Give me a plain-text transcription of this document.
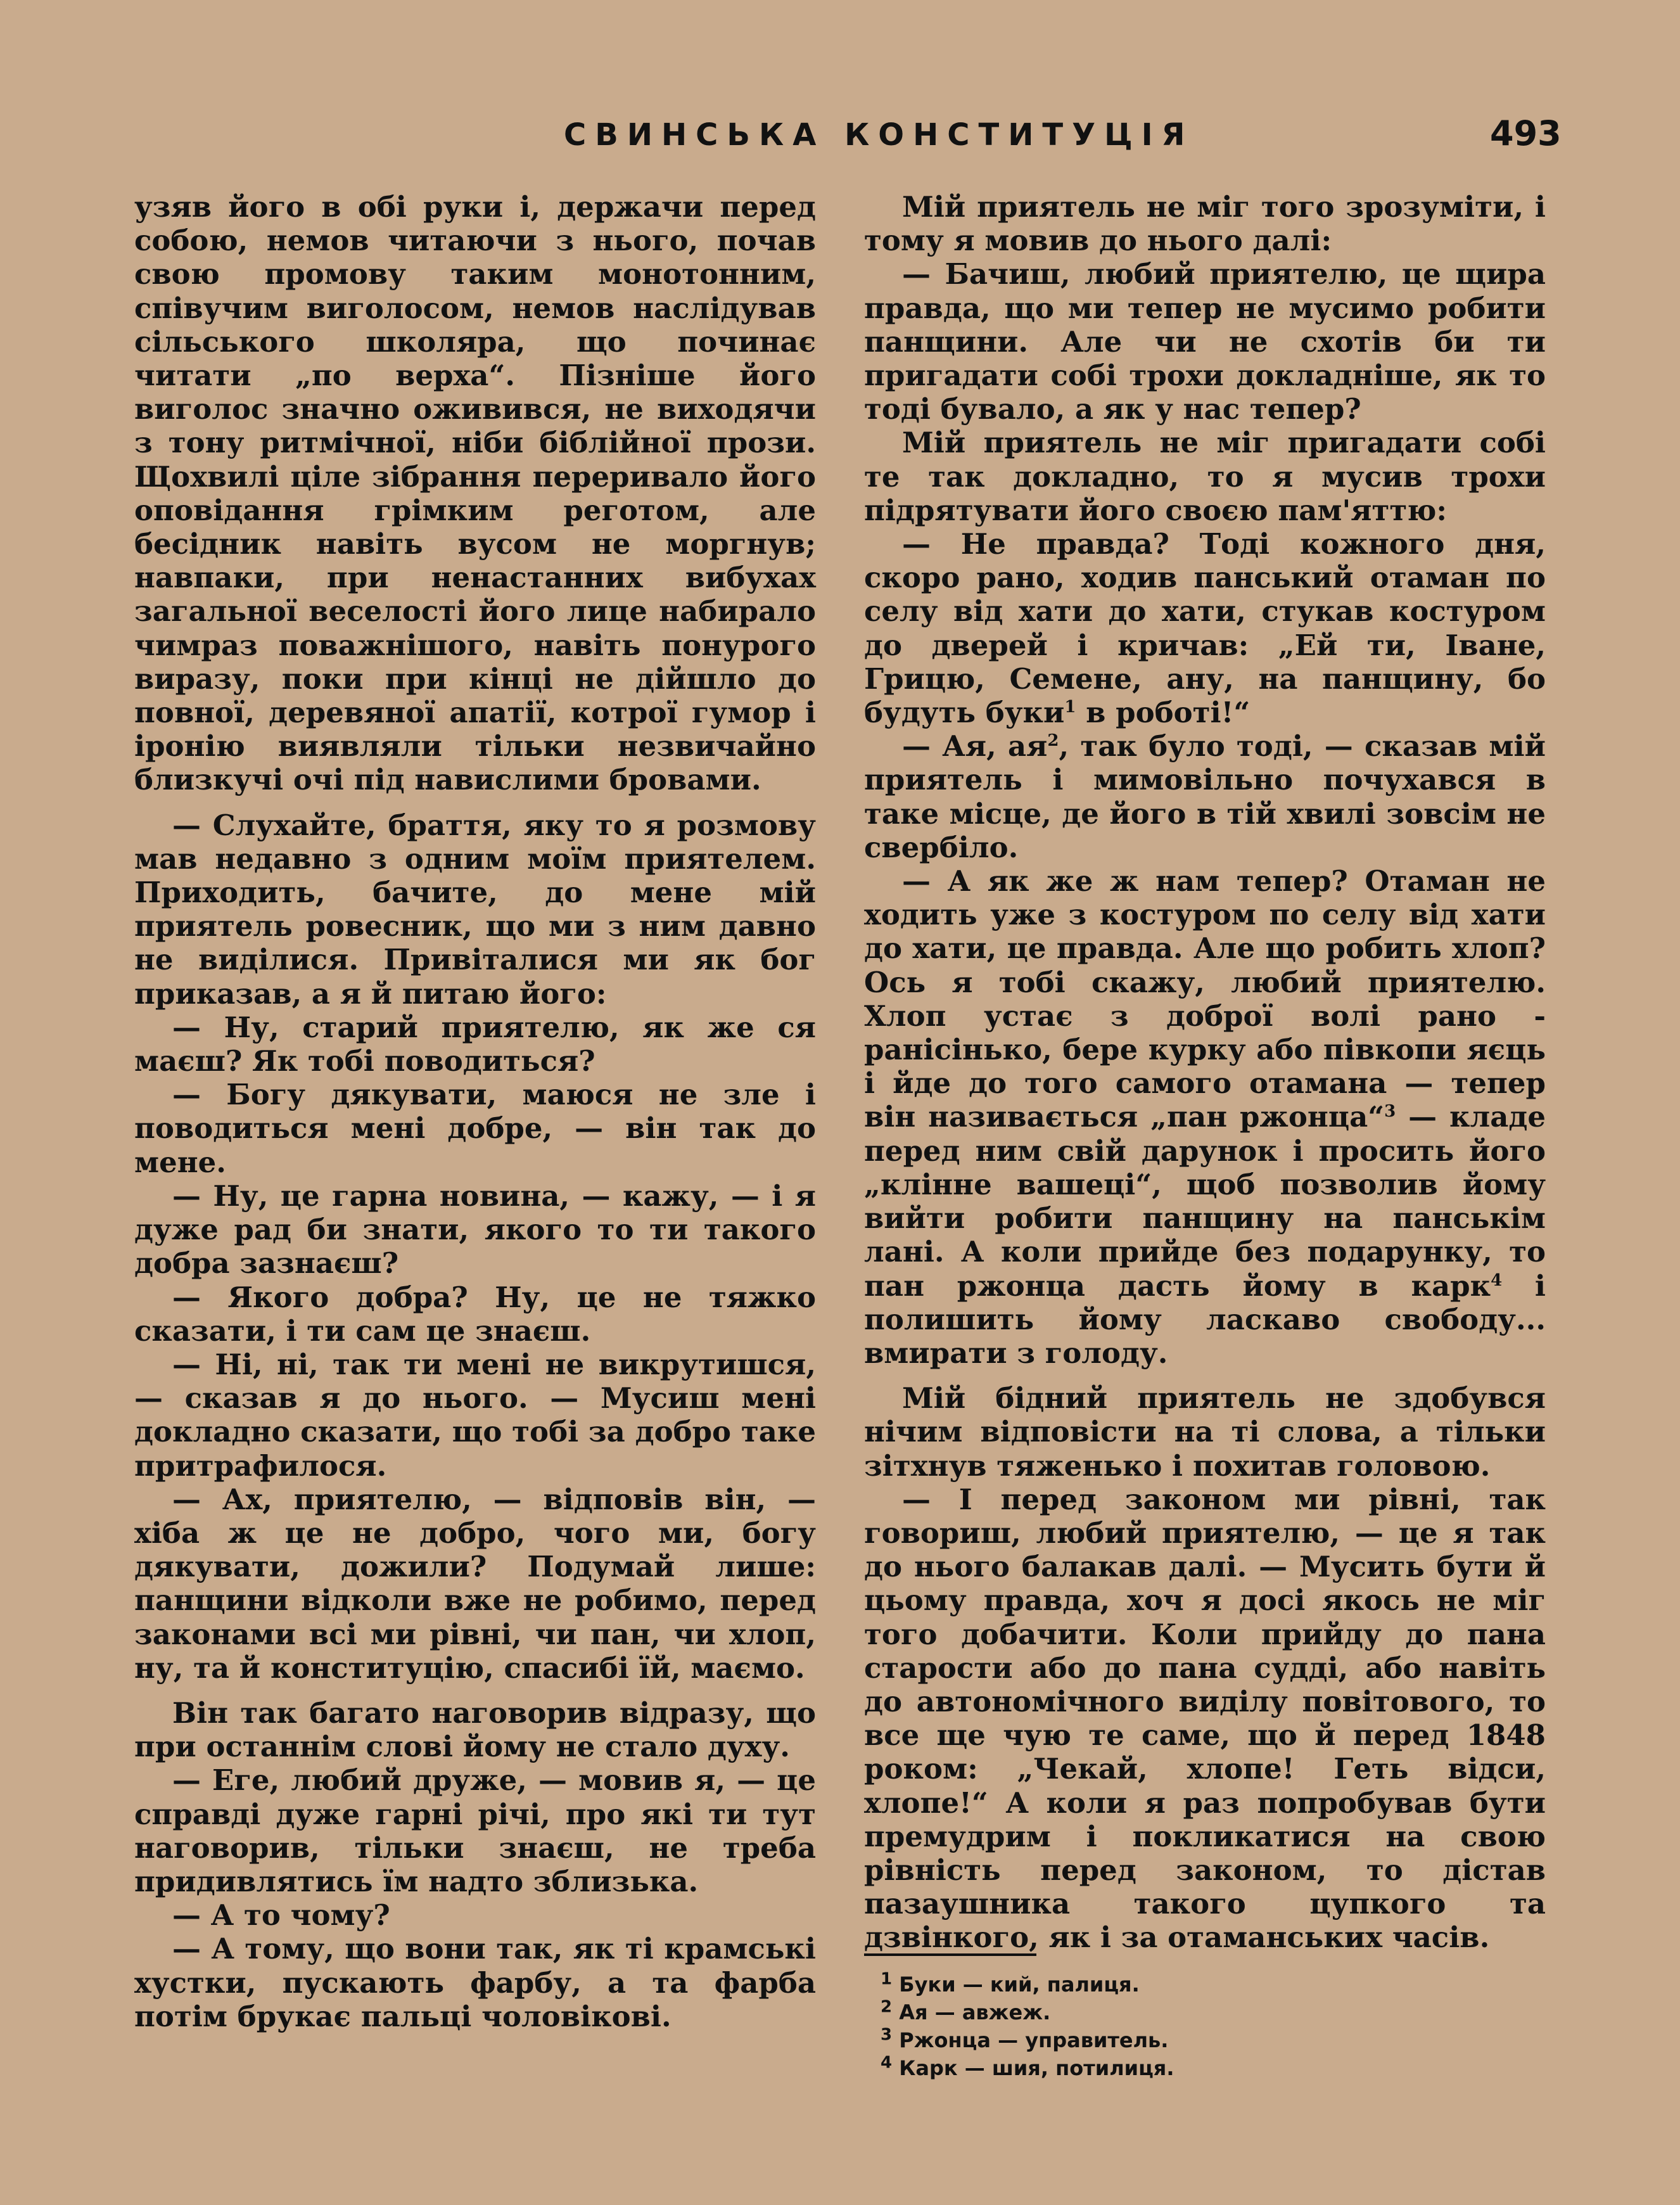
СВИНСЬКА КОНСТИТУЦІЯ	493

узяв його в обі руки і, держачи перед собою, немов читаючи з нього, почав свою промову таким монотонним, співучим виголосом, немов наслідував сільського школяра, що починає читати „по верха“. Пізніше його виголос значно оживився, не виходячи з тону ритмічної, ніби біблійної прози. Щохвилі ціле зібрання переривало його оповідання грімким реготом, але бесідник навіть вусом не моргнув; навпаки, при ненастанних вибухах загальної веселості його лице набирало чимраз поважнішого, навіть понурого виразу, поки при кінці не дійшло до повної, деревяної апатії, котрої гумор і іронію виявляли тільки незвичайно близкучі очі під навислими бровами.

— Слухайте, браття, яку то я розмову мав недавно з одним моїм приятелем. Приходить, бачите, до мене мій приятель ровесник, що ми з ним давно не виділися. Привіталися ми як бог приказав, а я й питаю його:

— Ну, старий приятелю, як же ся маєш? Як тобі поводиться?

— Богу дякувати, маюся не зле і поводиться мені добре, — він так до мене.

— Ну, це гарна новина, — кажу, — і я дуже рад би знати, якого то ти такого добра зазнаєш?

— Якого добра? Ну, це не тяжко сказати, і ти сам це знаєш.

— Ні, ні, так ти мені не викрутишся, — сказав я до нього. — Мусиш мені докладно сказати, що тобі за добро таке притрафилося.

— Ах, приятелю, — відповів він, — хіба ж це не добро, чого ми, богу дякувати, дожили? Подумай лише: панщини відколи вже не робимо, перед законами всі ми рівні, чи пан, чи хлоп, ну, та й конституцію, спасибі їй, маємо.

Він так багато наговорив відразу, що при останнім слові йому не стало духу.

— Еге, любий друже, — мовив я, — це справді дуже гарні річі, про які ти тут наговорив, тільки знаєш, не треба придивлятись їм надто зблизька.

— А то чому?

— А тому, що вони так, як ті крамські хустки, пускають фарбу, а та фарба потім брукає пальці чоловікові.

Мій приятель не міг того зрозуміти, і тому я мовив до нього далі:

— Бачиш, любий приятелю, це щира правда, що ми тепер не мусимо робити панщини. Але чи не схотів би ти пригадати собі трохи докладніше, як то тоді бувало, а як у нас тепер?

Мій приятель не міг пригадати собі те так докладно, то я мусив трохи підрятувати його своєю пам'яттю:

— Не правда? Тоді кожного дня, скоро рано, ходив панський отаман по селу від хати до хати, стукав костуром до дверей і кричав: „Ей ти, Іване, Грицю, Семене, ану, на панщину, бо будуть буки$^1$ в роботі!“

— Ая, $ая^2$, так було тоді, — сказав мій приятель і мимовільно почухався в таке місце, де його в тій хвилі зовсім не свербіло.

— А як же ж нам тепер? Отаман не ходить уже з костуром по селу від хати до хати, це правда. Але що робить хлоп? Ось я тобі скажу, любий приятелю. Хлоп устає з доброї волі рано - ранісінько, бере курку або півкопи яєць і йде до того самого отамана — тепер він називається „пан ржонца“$^3$ — кладе перед ним свій дарунок і просить його „клінне вашеці“, щоб позволив йому вийти робити панщину на панськім лані. А коли прийде без подарунку, то пан ржонца дасть йому в карк$^4$ і полишить йому ласкаво свободу... вмирати з голоду.

Мій бідний приятель не здобувся нічим відповісти на ті слова, а тільки зітхнув тяженько і похитав головою.

— І перед законом ми рівні, так говориш, любий приятелю, — це я так до нього балакав далі. — Мусить бути й цьому правда, хоч я досі якось не міг того добачити. Коли прийду до пана старости або до пана судді, або навіть до автономічного виділу повітового, то все ще чую те саме, що й перед 1848 роком: „Чекай, хлопе! Геть відси, хлопе!“ А коли я раз попробував бути премудрим і покликатися на свою рівність перед законом, то дістав пазаушника такого цупкого та дзвінкого, як і за отаманських часів.

$^1$ Буки — кий, палиця.
$^2$ Ая — авжеж.
$^3$ Ржонца — управитель.
$^4$ Карк — шия, потилиця.
